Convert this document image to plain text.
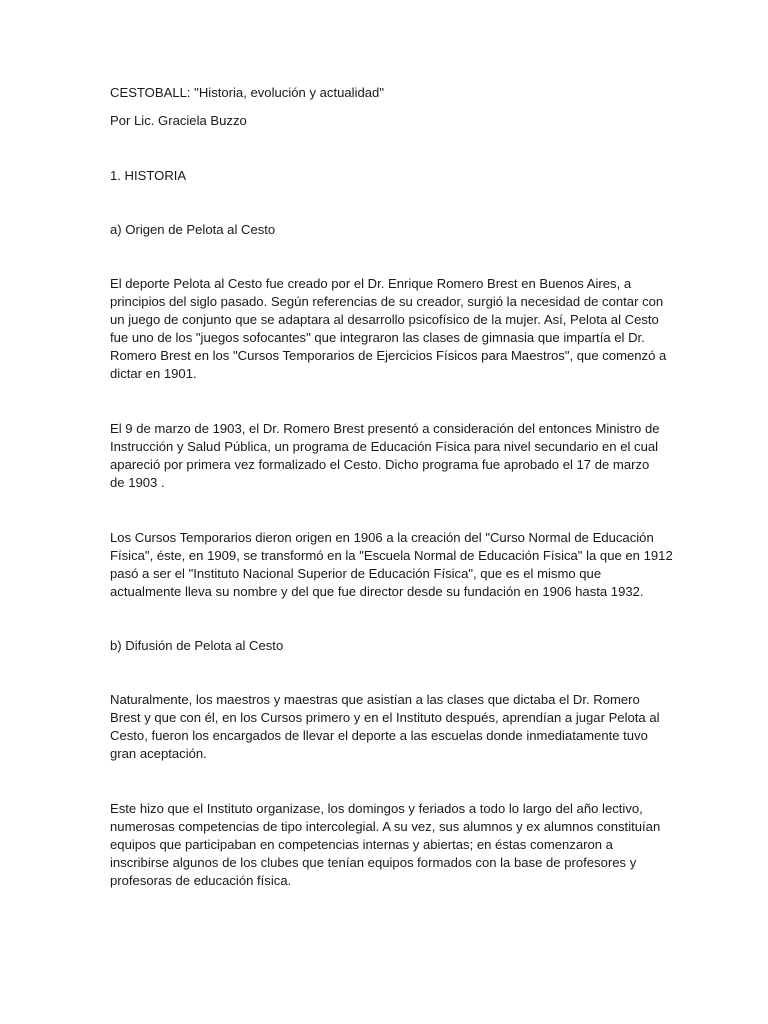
CESTOBALL: "Historia, evolución y actualidad"

Por Lic. Graciela Buzzo

1. HISTORIA

a) Origen de Pelota al Cesto

El deporte Pelota al Cesto fue creado por el Dr. Enrique Romero Brest en Buenos Aires, a

principios del siglo pasado. Según referencias de su creador, surgió la necesidad de contar con

un juego de conjunto que se adaptara al desarrollo psicofísico de la mujer. Así, Pelota al Cesto

fue uno de los "juegos sofocantes" que integraron las clases de gimnasia que impartía el Dr.

Romero Brest en los "Cursos Temporarios de Ejercicios Físicos para Maestros", que comenzó a

dictar en 1901.

El 9 de marzo de 1903, el Dr. Romero Brest presentó a consideración del entonces Ministro de

Instrucción y Salud Pública, un programa de Educación Física para nivel secundario en el cual

apareció por primera vez formalizado el Cesto. Dicho programa fue aprobado el 17 de marzo

de 1903 .

Los Cursos Temporarios dieron origen en 1906 a la creación del "Curso Normal de Educación

Física", éste, en 1909, se transformó en la "Escuela Normal de Educación Física" la que en 1912

pasó a ser el "Instituto Nacional Superior de Educación Física", que es el mismo que

actualmente lleva su nombre y del que fue director desde su fundación en 1906 hasta 1932.

b) Difusión de Pelota al Cesto

Naturalmente, los maestros y maestras que asistían a las clases que dictaba el Dr. Romero

Brest y que con él, en los Cursos primero y en el Instituto después, aprendían a jugar Pelota al

Cesto, fueron los encargados de llevar el deporte a las escuelas donde inmediatamente tuvo

gran aceptación.

Este hizo que el Instituto organizase, los domingos y feriados a todo lo largo del año lectivo,

numerosas competencias de tipo intercolegial. A su vez, sus alumnos y ex alumnos constituían

equipos que participaban en competencias internas y abiertas; en éstas comenzaron a

inscribirse algunos de los clubes que tenían equipos formados con la base de profesores y

profesoras de educación física.
